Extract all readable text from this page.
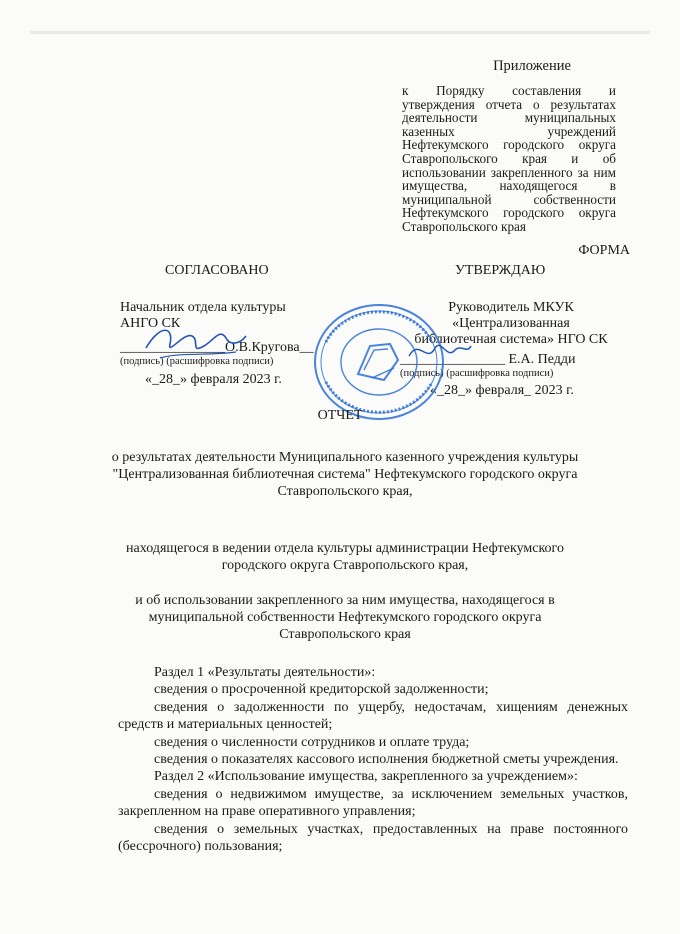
Приложение
к Порядку составления и утверждения отчета о результатах деятельности муниципальных казенных учреждений Нефтекумского городского округа Ставропольского края и об использовании закрепленного за ним имущества, находящегося в муниципальной собственности Нефтекумского городского округа Ставропольского края
ФОРМА
СОГЛАСОВАНО	УТВЕРЖДАЮ
Начальник отдела культуры
АНГО СК
_______________О.В.Кругова__
(подпись) (расшифровка подписи)
«_28_» февраля 2023 г.
Руководитель МКУК
«Централизованная
библиотечная система» НГО СК
_______________ Е.А. Педди
(подпись) (расшифровка подписи)
«_28_» февраля_ 2023 г.
ОТЧЕТ
о результатах деятельности Муниципального казенного учреждения культуры "Централизованная библиотечная система" Нефтекумского городского округа Ставропольского края,
находящегося в ведении отдела культуры администрации Нефтекумского городского округа Ставропольского края,
и об использовании закрепленного за ним имущества, находящегося в муниципальной собственности Нефтекумского городского округа Ставропольского края

Раздел 1 «Результаты деятельности»:

сведения о просроченной кредиторской задолженности;

сведения о задолженности по ущербу, недостачам, хищениям денежных средств и материальных ценностей;

сведения о численности сотрудников и оплате труда;

сведения о показателях кассового исполнения бюджетной сметы учреждения.

Раздел 2 «Использование имущества, закрепленного за учреждением»:

сведения о недвижимом имуществе, за исключением земельных участков, закрепленном на праве оперативного управления;

сведения о земельных участках, предоставленных на праве постоянного (бессрочного) пользования;
